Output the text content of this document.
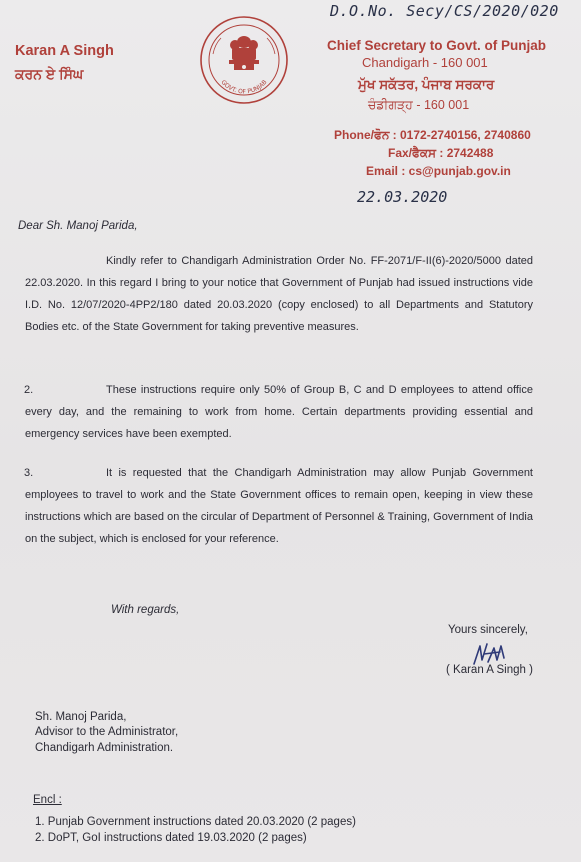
Karan A Singh
ਕਰਨ ਏ ਸਿੰਘ
GOVT. OF PUNJAB
D.O.No. Secy/CS/2020/020
Chief Secretary to Govt. of Punjab
Chandigarh - 160 001
ਮੁੱਖ ਸਕੱਤਰ, ਪੰਜਾਬ ਸਰਕਾਰ
ਚੰਡੀਗੜ੍ਹ - 160 001
Phone/ਫੋਨ : 0172-2740156, 2740860
Fax/ਫੈਕਸ : 2742488
Email : cs@punjab.gov.in
22.03.2020
Dear Sh. Manoj Parida,
Kindly refer to Chandigarh Administration Order No. FF-2071/F-II(6)-2020/5000 dated 22.03.2020. In this regard I bring to your notice that Government of Punjab had issued instructions vide I.D. No. 12/07/2020-4PP2/180 dated 20.03.2020 (copy enclosed) to all Departments and Statutory Bodies etc. of the State Government for taking preventive measures.
2.	These instructions require only 50% of Group B, C and D employees to attend office every day, and the remaining to work from home. Certain departments providing essential and emergency services have been exempted.
3.	It is requested that the Chandigarh Administration may allow Punjab Government employees to travel to work and the State Government offices to remain open, keeping in view these instructions which are based on the circular of Department of Personnel & Training, Government of India on the subject, which is enclosed for your reference.
With regards,
Yours sincerely,
( Karan A Singh )
Sh. Manoj Parida,
Advisor to the Administrator,
Chandigarh Administration.
Encl :
1. Punjab Government instructions dated 20.03.2020 (2 pages)
2. DoPT, GoI instructions dated 19.03.2020 (2 pages)
